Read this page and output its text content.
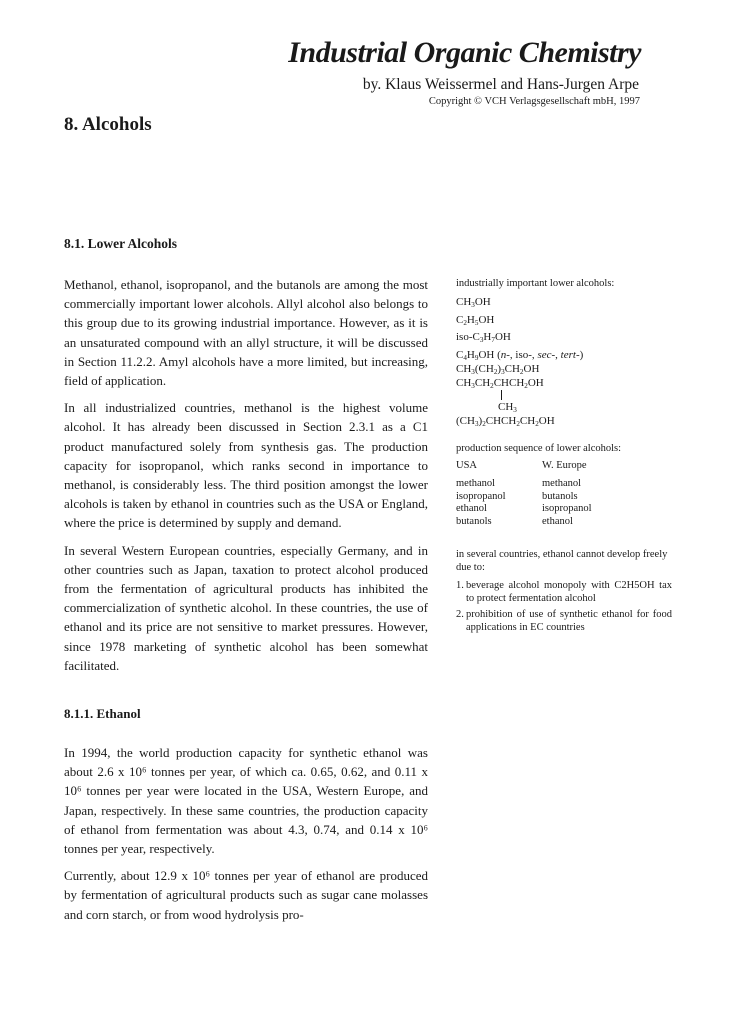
Industrial Organic Chemistry
by. Klaus Weissermel and Hans-Jurgen Arpe
Copyright © VCH Verlagsgesellschaft mbH, 1997
8. Alcohols
8.1. Lower Alcohols

Methanol, ethanol, isopropanol, and the butanols are among the most commercially important lower alcohols. Allyl alcohol also belongs to this group due to its growing industrial importance. However, as it is an unsaturated compound with an allyl structure, it will be discussed in Section 11.2.2. Amyl alcohols have a more limited, but increasing, field of application.

In all industrialized countries, methanol is the highest volume alcohol. It has already been discussed in Section 2.3.1 as a C1 product manufactured solely from synthesis gas. The production capacity for isopropanol, which ranks second in importance to methanol, is considerably less. The third position amongst the lower alcohols is taken by ethanol in countries such as the USA or England, where the price is determined by supply and demand.

In several Western European countries, especially Germany, and in other countries such as Japan, taxation to protect alcohol produced from the fermentation of agricultural products has inhibited the commercialization of synthetic alcohol. In these countries, the use of ethanol and its price are not sensitive to market pressures. However, since 1978 marketing of synthetic alcohol has been somewhat facilitated.

industrially important lower alcohols:
$CH_3OH$
$C_2H_5OH$
iso-$C_3H_7OH$
$C_4H_9OH$ (n-, iso-, sec-, tert-)
$CH_3(CH_2)_3CH_2OH$
$CH_3CH_2CHCH_2OH$
$CH_3$
$(CH_3)_2CHCH_2CH_2OH$
production sequence of lower alcohols:
USA	W. Europe
methanol	methanol
isopropanol	butanols
ethanol	isopropanol
butanols	ethanol
in several countries, ethanol cannot develop freely due to:
1. beverage alcohol monopoly with C2H5OH tax to protect fermentation alcohol
2. prohibition of use of synthetic ethanol for food applications in EC countries
8.1.1. Ethanol

In 1994, the world production capacity for synthetic ethanol was about 2.6 x 10⁶ tonnes per year, of which ca. 0.65, 0.62, and 0.11 x 10⁶ tonnes per year were located in the USA, Western Europe, and Japan, respectively. In these same countries, the production capacity of ethanol from fermentation was about 4.3, 0.74, and 0.14 x 10⁶ tonnes per year, respectively.

Currently, about 12.9 x 10⁶ tonnes per year of ethanol are produced by fermentation of agricultural products such as sugar cane molasses and corn starch, or from wood hydrolysis pro-
